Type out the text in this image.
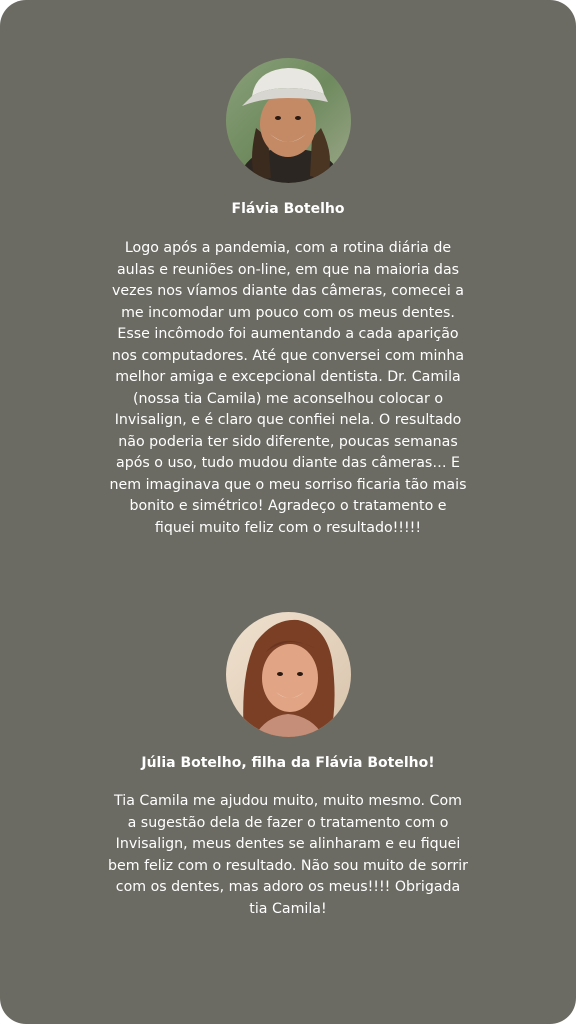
Flávia Botelho
Logo após a pandemia, com a rotina diária de aulas e reuniões on-line, em que na maioria das vezes nos víamos diante das câmeras, comecei a me incomodar um pouco com os meus dentes. Esse incômodo foi aumentando a cada aparição nos computadores. Até que conversei com minha melhor amiga e excepcional dentista. Dr. Camila (nossa tia Camila) me aconselhou colocar o Invisalign, e é claro que confiei nela. O resultado não poderia ter sido diferente, poucas semanas após o uso, tudo mudou diante das câmeras… E nem imaginava que o meu sorriso ficaria tão mais bonito e simétrico! Agradeço o tratamento e fiquei muito feliz com o resultado!!!!!
Júlia Botelho, filha da Flávia Botelho!
Tia Camila me ajudou muito, muito mesmo. Com a sugestão dela de fazer o tratamento com o Invisalign, meus dentes se alinharam e eu fiquei bem feliz com o resultado. Não sou muito de sorrir com os dentes, mas adoro os meus!!!! Obrigada tia Camila!
